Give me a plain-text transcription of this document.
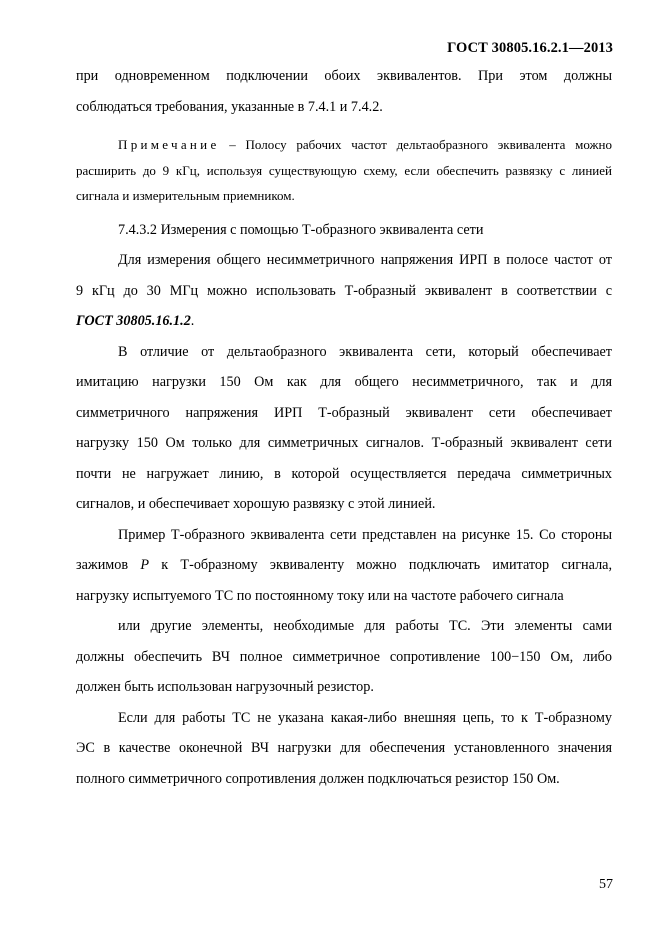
ГОСТ 30805.16.2.1—2013
при одновременном подключении обоих эквивалентов. При этом должны
соблюдаться требования, указанные в 7.4.1 и 7.4.2.
Примечание – Полосу рабочих частот дельтаобразного эквивалента можно
расширить до 9 кГц, используя существующую схему, если обеспечить развязку с линией
сигнала и измерительным приемником.
7.4.3.2 Измерения с помощью Т-образного эквивалента сети
Для измерения общего несимметричного напряжения ИРП в полосе частот от
9 кГц до 30 МГц можно использовать Т-образный эквивалент в соответствии с
ГОСТ 30805.16.1.2.
В отличие от дельтаобразного эквивалента сети, который обеспечивает
имитацию нагрузки 150 Ом как для общего несимметричного, так и для
симметричного напряжения ИРП Т-образный эквивалент сети обеспечивает
нагрузку 150 Ом только для симметричных сигналов. Т-образный эквивалент сети
почти не нагружает линию, в которой осуществляется передача симметричных
сигналов, и обеспечивает хорошую развязку с этой линией.
Пример Т-образного эквивалента сети представлен на рисунке 15. Со стороны
зажимов Р к Т-образному эквиваленту можно подключать имитатор сигнала,
нагрузку испытуемого ТС по постоянному току или на частоте рабочего сигнала
или другие элементы, необходимые для работы ТС. Эти элементы сами
должны обеспечить ВЧ полное симметричное сопротивление 100−150 Ом, либо
должен быть использован нагрузочный резистор.
Если для работы ТС не указана какая-либо внешняя цепь, то к Т-образному
ЭС в качестве оконечной ВЧ нагрузки для обеспечения установленного значения
полного симметричного сопротивления должен подключаться резистор 150 Ом.
57
